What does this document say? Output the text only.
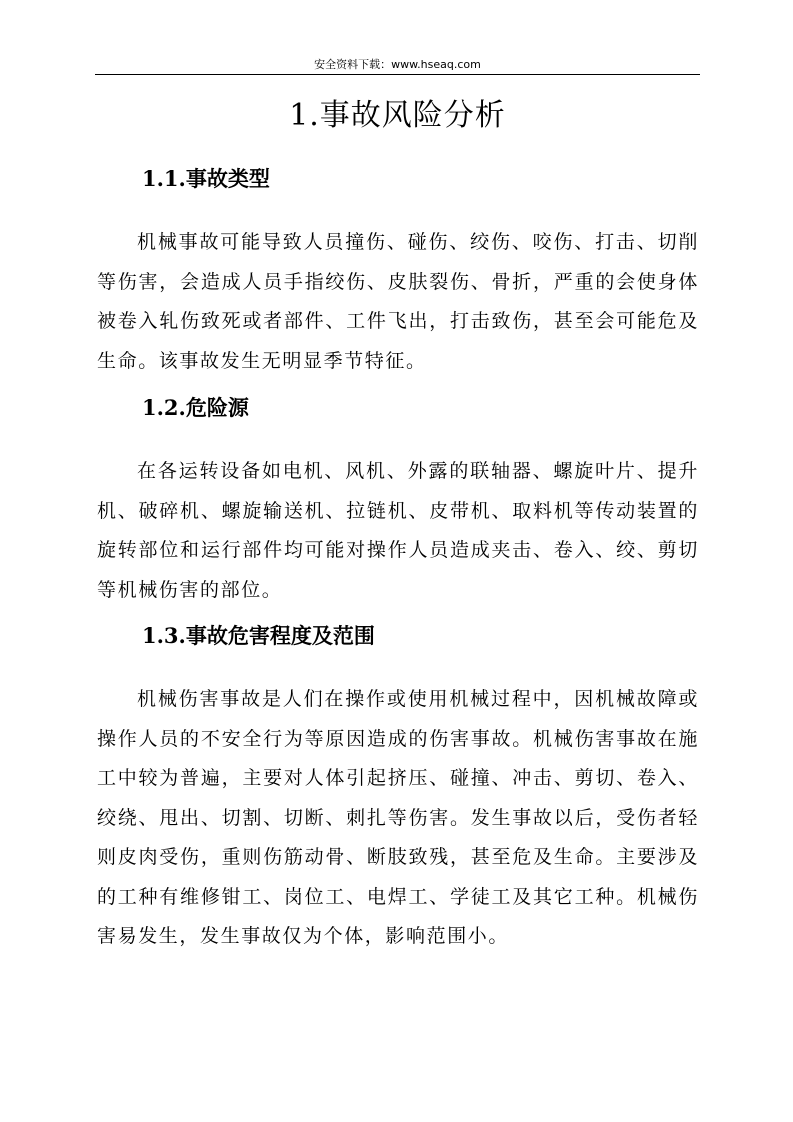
安全资料下载：www.hseaq.com
1.事故风险分析
1.1.事故类型

机械事故可能导致人员撞伤、碰伤、绞伤、咬伤、打击、切削等伤害，会造成人员手指绞伤、皮肤裂伤、骨折，严重的会使身体被卷入轧伤致死或者部件、工件飞出，打击致伤，甚至会可能危及生命。该事故发生无明显季节特征。

1.2.危险源

在各运转设备如电机、风机、外露的联轴器、螺旋叶片、提升机、破碎机、螺旋输送机、拉链机、皮带机、取料机等传动装置的旋转部位和运行部件均可能对操作人员造成夹击、卷入、绞、剪切等机械伤害的部位。

1.3.事故危害程度及范围

机械伤害事故是人们在操作或使用机械过程中，因机械故障或操作人员的不安全行为等原因造成的伤害事故。机械伤害事故在施工中较为普遍，主要对人体引起挤压、碰撞、冲击、剪切、卷入、绞绕、甩出、切割、切断、刺扎等伤害。发生事故以后，受伤者轻则皮肉受伤，重则伤筋动骨、断肢致残，甚至危及生命。主要涉及的工种有维修钳工、岗位工、电焊工、学徒工及其它工种。机械伤害易发生，发生事故仅为个体，影响范围小。
